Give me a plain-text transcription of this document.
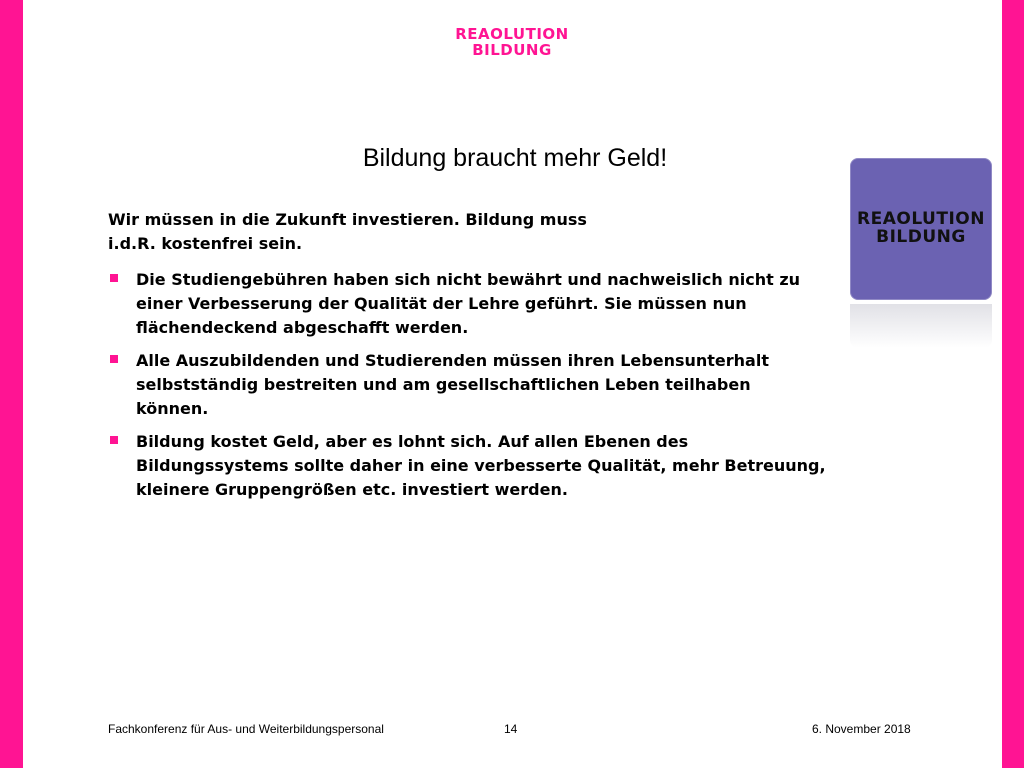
REAOLUTION
BILDUNG
Bildung braucht mehr Geld!
Wir müssen in die Zukunft investieren. Bildung muss
i.d.R. kostenfrei sein.
Die Studiengebühren haben sich nicht bewährt und nachweislich nicht zu einer Verbesserung der Qualität der Lehre geführt. Sie müssen nun flächendeckend abgeschafft werden.
Alle Auszubildenden und Studierenden müssen ihren Lebensunterhalt selbstständig bestreiten und am gesellschaftlichen Leben teilhaben können.
Bildung kostet Geld, aber es lohnt sich. Auf allen Ebenen des Bildungssystems sollte daher in eine verbesserte Qualität, mehr Betreuung, kleinere Gruppengrößen etc. investiert werden.
REAOLUTION
BILDUNG
Fachkonferenz für Aus- und Weiterbildungspersonal	14	6. November 2018
